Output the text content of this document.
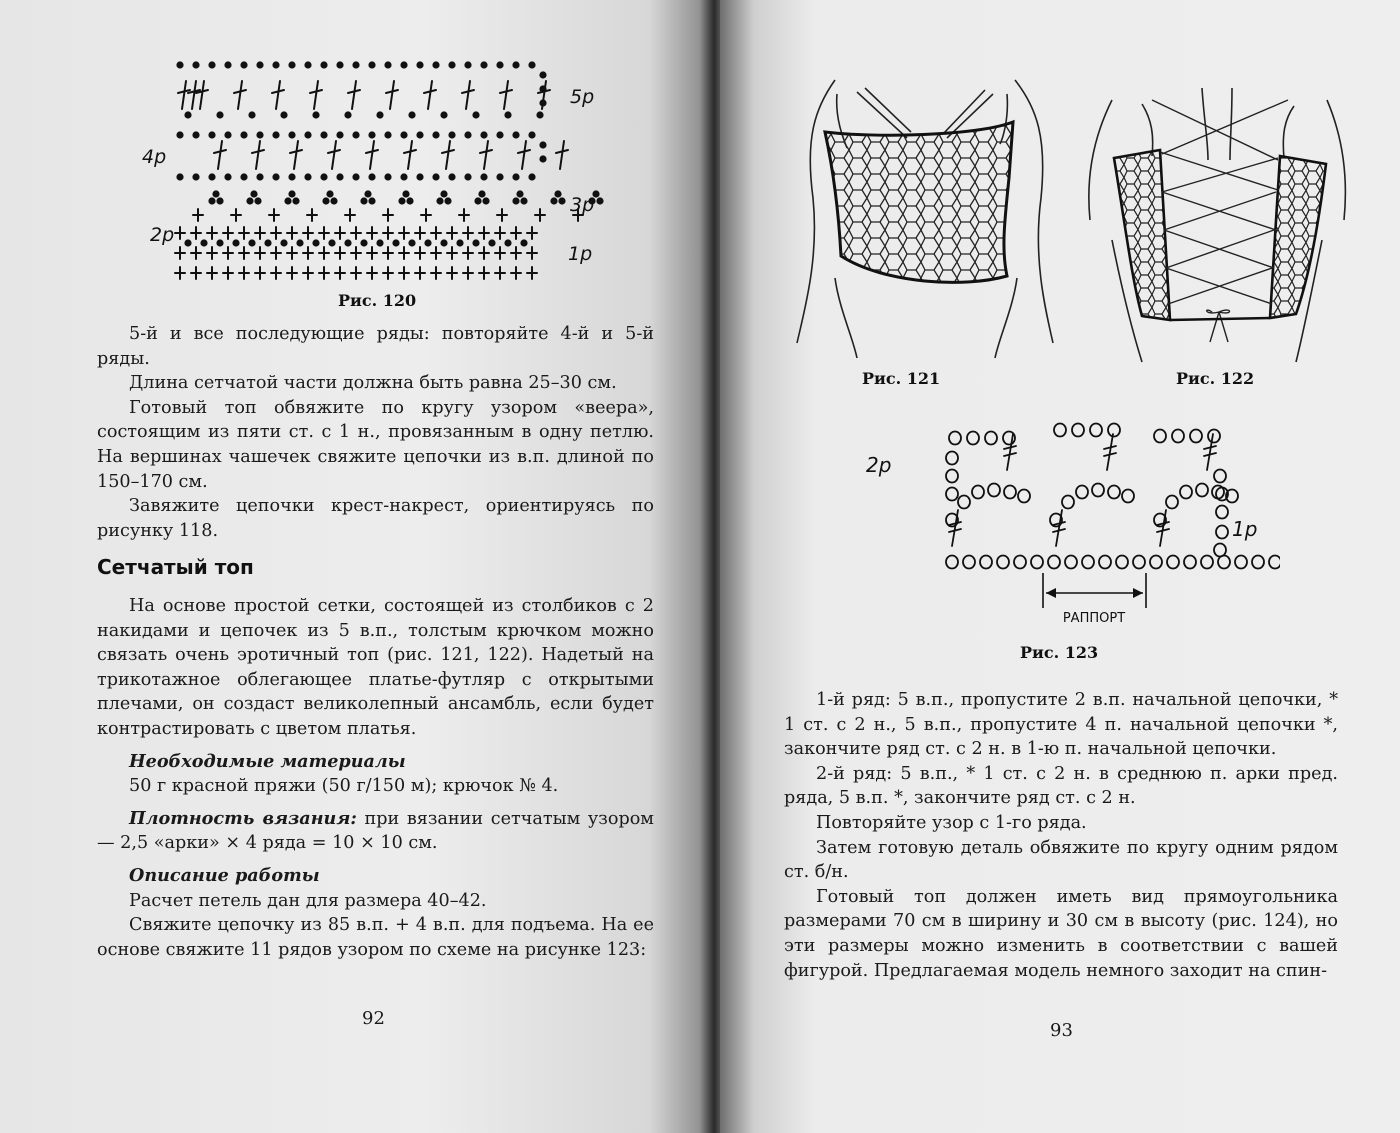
5р
4р
3р
2р
1р
Рис. 120

5-й и все последующие ряды: повторяйте 4-й и 5-й ряды.

Длина сетчатой части должна быть равна 25–30 см.

Готовый топ обвяжите по кругу узором «веера», состоящим из пяти ст. с 1 н., провязанным в одну петлю. На вершинах чашечек свяжите цепочки из в.п. длиной по 150–170 см.

Завяжите цепочки крест-накрест, ориентируясь по рисунку 118.

Сетчатый топ

На основе простой сетки, состоящей из столбиков с 2 накидами и цепочек из 5 в.п., толстым крючком можно связать очень эротичный топ (рис. 121, 122). Надетый на трикотажное облегающее платье-футляр с открытыми плечами, он создаст великолепный ансамбль, если будет контрастировать с цветом платья.

Необходимые материалы

50 г красной пряжи (50 г/150 м); крючок № 4.

Плотность вязания: при вязании сетчатым узором — 2,5 «арки» × 4 ряда = 10 × 10 см.

Описание работы

Расчет петель дан для размера 40–42.

Свяжите цепочку из 85 в.п. + 4 в.п. для подъема. На ее основе свяжите 11 рядов узором по схеме на рисунке 123:

92
Рис. 121	Рис. 122
2р
1р
РАППОРТ
Рис. 123

1-й ряд: 5 в.п., пропустите 2 в.п. начальной цепочки, * 1 ст. с 2 н., 5 в.п., пропустите 4 п. начальной цепочки *, закончите ряд ст. с 2 н. в 1-ю п. начальной цепочки.

2-й ряд: 5 в.п., * 1 ст. с 2 н. в среднюю п. арки пред. ряда, 5 в.п. *, закончите ряд ст. с 2 н.

Повторяйте узор с 1-го ряда.

Затем готовую деталь обвяжите по кругу одним рядом ст. б/н.

Готовый топ должен иметь вид прямоугольника размерами 70 см в ширину и 30 см в высоту (рис. 124), но эти размеры можно изменить в соответствии с вашей фигурой. Предлагаемая модель немного заходит на спин-

93
